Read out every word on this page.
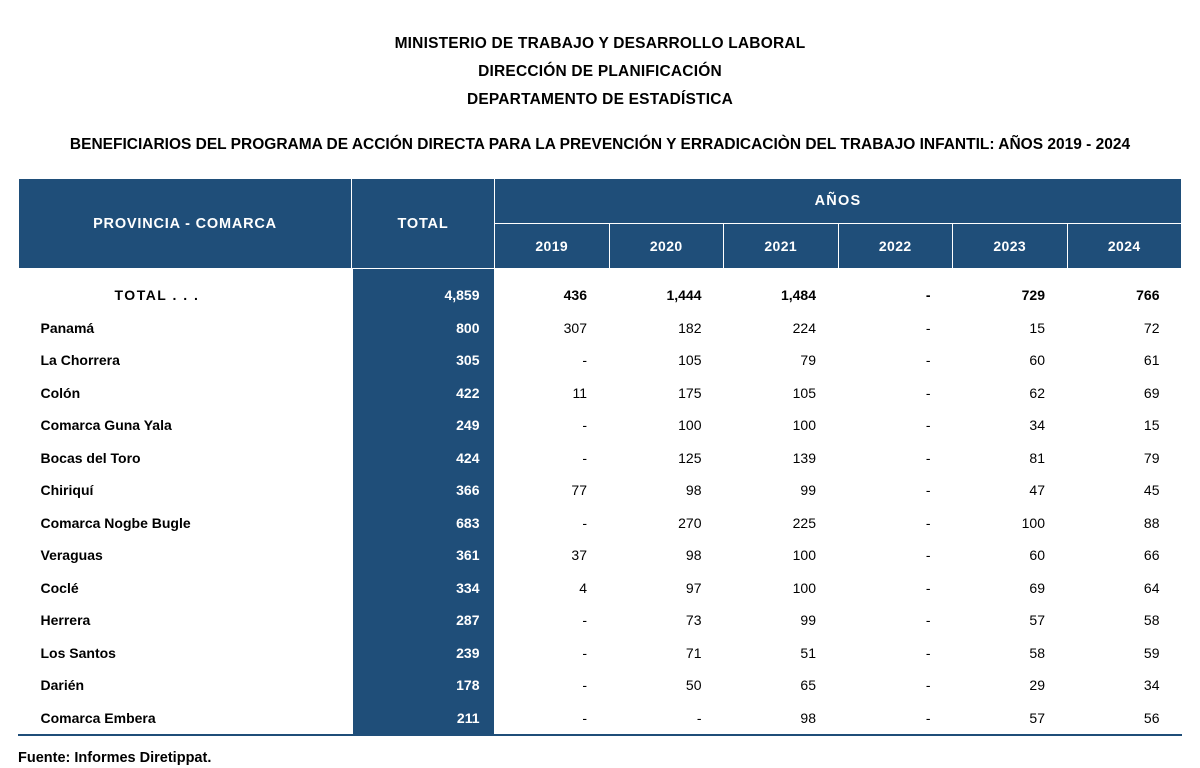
MINISTERIO DE TRABAJO Y DESARROLLO LABORAL
DIRECCIÓN DE PLANIFICACIÓN
DEPARTAMENTO DE ESTADÍSTICA
BENEFICIARIOS DEL PROGRAMA DE ACCIÓN DIRECTA PARA LA PREVENCIÓN Y ERRADICACIÒN DEL TRABAJO INFANTIL: AÑOS 2019 - 2024
PROVINCIA - COMARCA	TOTAL	AÑOS					
		2019	2020	2021	2022	2023	2024

TOTAL . . .	4,859	436	1,444	1,484	-	729	766
Panamá	800	307	182	224	-	15	72
La Chorrera	305	-	105	79	-	60	61
Colón	422	11	175	105	-	62	69
Comarca Guna Yala	249	-	100	100	-	34	15
Bocas del Toro	424	-	125	139	-	81	79
Chiriquí	366	77	98	99	-	47	45
Comarca Nogbe Bugle	683	-	270	225	-	100	88
Veraguas	361	37	98	100	-	60	66
Coclé	334	4	97	100	-	69	64
Herrera	287	-	73	99	-	57	58
Los Santos	239	-	71	51	-	58	59
Darién	178	-	50	65	-	29	34
Comarca Embera	211	-	-	98	-	57	56
Fuente: Informes Diretippat.
